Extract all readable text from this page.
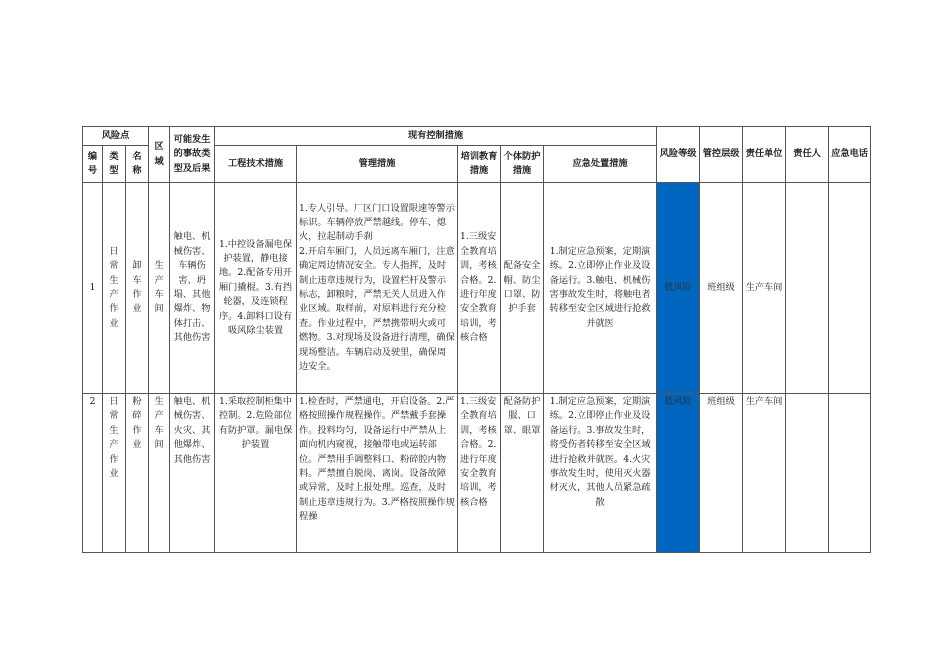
风险点			区域	可能发生的事故类型及后果	现有控制措施					风险等级	管控层级	责任单位	责任人	应急电话
编号	类型	名称			工程技术措施	管理措施	培训教育措施	个体防护措施	应急处置措施					
1	日常生产作业	卸车作业	生产车间	触电、机械伤害、车辆伤害、坍塌、其他爆炸、物体打击、其他伤害	1.中控设备漏电保护装置，静电接地。2.配备专用开厢门撬棍。3.有挡轮器，及连锁程序。4.卸料口设有吸风除尘装置	1.专人引导。厂区门口设置限速等警示标识。车辆停放严禁越线。停车、熄火，拉起制动手刹
2.开启车厢门，人员远离车厢门，注意确定周边情况安全。专人指挥，及时制止违章违规行为，设置栏杆及警示标志，卸粮时，严禁无关人员进入作业区域。取样前，对原料进行充分检查。作业过程中，严禁携带明火或可燃物。3.对现场及设备进行清理，确保现场整洁。车辆启动及驶里，确保周边安全。	1.三级安全教育培训，考核合格。2.进行年度安全教育培训，考核合格	配备安全帽、防尘口罩、防护手套	1.制定应急预案，定期演练。2.立即停止作业及设备运行。3.触电、机械伤害事故发生时，将触电者转移至安全区域进行抢救并就医	低风险	班组级	生产车间		
2	日常生产作业	粉碎作业	生产车间	触电、机械伤害、火灾、其他爆炸、其他伤害	1.采取控制柜集中控制。2.危险部位有防护罩。漏电保护装置	1.检查时，严禁通电，开启设备。2.严格按照操作规程操作。严禁戴手套操作。投料均匀，设备运行中严禁从上面向机内窥视，接触带电或运转部位。严禁用手调整料口、粉碎腔内物料。严禁擅自脱岗、离岗。设备故障或异常，及时上报处理。巡查，及时制止违章违规行为。3.严格按照操作规程操	1.三级安全教育培训，考核合格。2.进行年度安全教育培训，考核合格	配备防护服、口罩、眼罩	1.制定应急预案，定期演练。2.立即停止作业及设备运行。3.事故发生时，将受伤者转移至安全区域进行抢救并就医。4.火灾事故发生时，使用灭火器材灭火，其他人员紧急疏散	低风险	班组级	生产车间		
